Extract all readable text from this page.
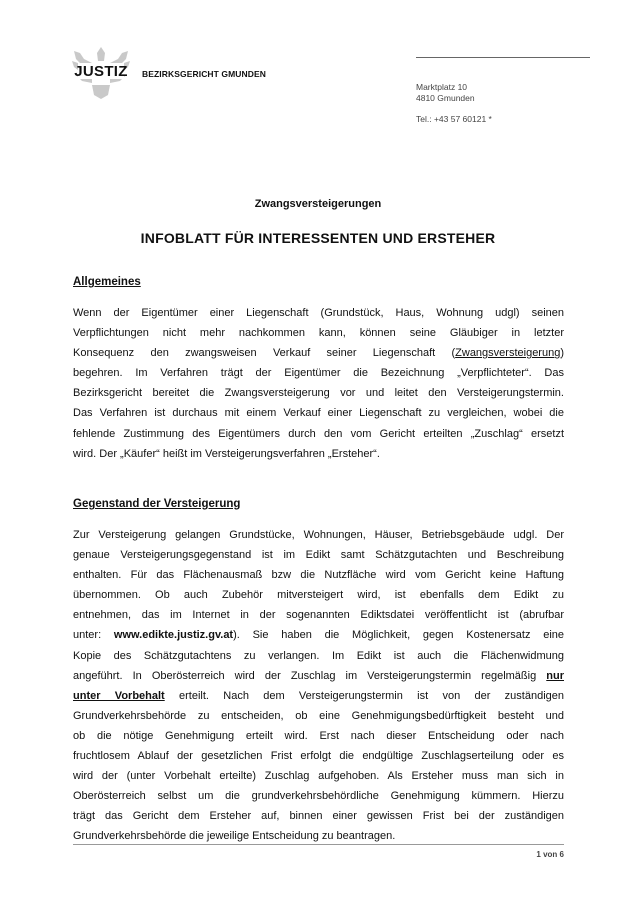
JUSTIZ BEZIRKSGERICHT GMUNDEN
Marktplatz 10
4810 Gmunden
Tel.: +43 57 60121 *
Zwangsversteigerungen
INFOBLATT FÜR INTERESSENTEN UND ERSTEHER
Allgemeines
Wenn der Eigentümer einer Liegenschaft (Grundstück, Haus, Wohnung udgl) seinen
Verpflichtungen nicht mehr nachkommen kann, können seine Gläubiger in letzter
Konsequenz den zwangsweisen Verkauf seiner Liegenschaft (Zwangsversteigerung)
begehren. Im Verfahren trägt der Eigentümer die Bezeichnung „Verpflichteter“. Das
Bezirksgericht bereitet die Zwangsversteigerung vor und leitet den Versteigerungstermin.
Das Verfahren ist durchaus mit einem Verkauf einer Liegenschaft zu vergleichen, wobei die
fehlende Zustimmung des Eigentümers durch den vom Gericht erteilten „Zuschlag“ ersetzt
wird. Der „Käufer“ heißt im Versteigerungsverfahren „Ersteher“.
Gegenstand der Versteigerung
Zur Versteigerung gelangen Grundstücke, Wohnungen, Häuser, Betriebsgebäude udgl. Der
genaue Versteigerungsgegenstand ist im Edikt samt Schätzgutachten und Beschreibung
enthalten. Für das Flächenausmaß bzw die Nutzfläche wird vom Gericht keine Haftung
übernommen. Ob auch Zubehör mitversteigert wird, ist ebenfalls dem Edikt zu
entnehmen, das im Internet in der sogenannten Ediktsdatei veröffentlicht ist (abrufbar
unter: www.edikte.justiz.gv.at). Sie haben die Möglichkeit, gegen Kostenersatz eine
Kopie des Schätzgutachtens zu verlangen. Im Edikt ist auch die Flächenwidmung
angeführt. In Oberösterreich wird der Zuschlag im Versteigerungstermin regelmäßig nur
unter Vorbehalt erteilt. Nach dem Versteigerungstermin ist von der zuständigen
Grundverkehrsbehörde zu entscheiden, ob eine Genehmigungsbedürftigkeit besteht und
ob die nötige Genehmigung erteilt wird. Erst nach dieser Entscheidung oder nach
fruchtlosem Ablauf der gesetzlichen Frist erfolgt die endgültige Zuschlagserteilung oder es
wird der (unter Vorbehalt erteilte) Zuschlag aufgehoben. Als Ersteher muss man sich in
Oberösterreich selbst um die grundverkehrsbehördliche Genehmigung kümmern. Hierzu
trägt das Gericht dem Ersteher auf, binnen einer gewissen Frist bei der zuständigen
Grundverkehrsbehörde die jeweilige Entscheidung zu beantragen.
1 von 6
